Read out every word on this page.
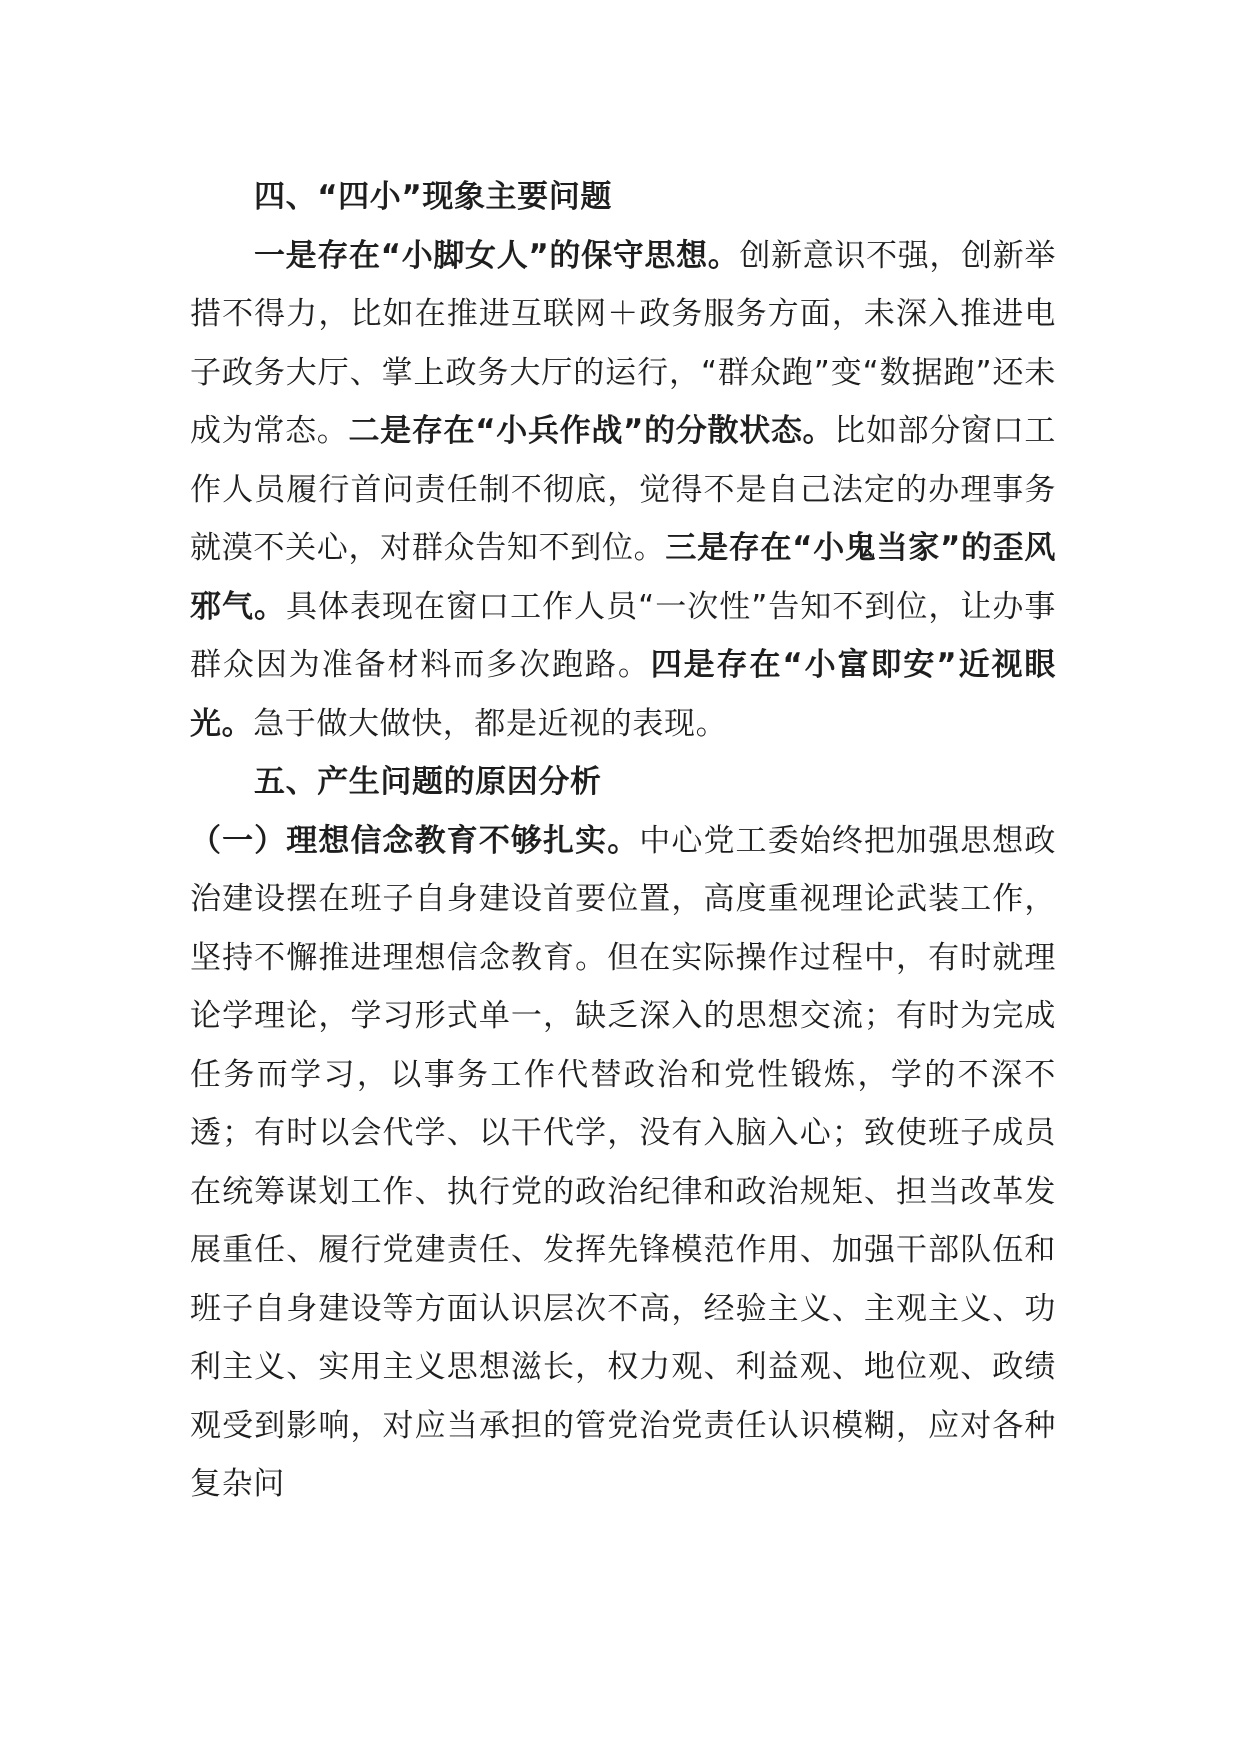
四、“四小”现象主要问题

一是存在“小脚女人”的保守思想。创新意识不强，创新举措不得力，比如在推进互联网＋政务服务方面，未深入推进电子政务大厅、掌上政务大厅的运行，“群众跑”变“数据跑”还未成为常态。二是存在“小兵作战”的分散状态。比如部分窗口工作人员履行首问责任制不彻底，觉得不是自己法定的办理事务就漠不关心，对群众告知不到位。三是存在“小鬼当家”的歪风邪气。具体表现在窗口工作人员“一次性”告知不到位，让办事群众因为准备材料而多次跑路。四是存在“小富即安”近视眼光。急于做大做快，都是近视的表现。

五、产生问题的原因分析

（一）理想信念教育不够扎实。中心党工委始终把加强思想政治建设摆在班子自身建设首要位置，高度重视理论武装工作，坚持不懈推进理想信念教育。但在实际操作过程中，有时就理论学理论，学习形式单一，缺乏深入的思想交流；有时为完成任务而学习，以事务工作代替政治和党性锻炼，学的不深不透；有时以会代学、以干代学，没有入脑入心；致使班子成员在统筹谋划工作、执行党的政治纪律和政治规矩、担当改革发展重任、履行党建责任、发挥先锋模范作用、加强干部队伍和班子自身建设等方面认识层次不高，经验主义、主观主义、功利主义、实用主义思想滋长，权力观、利益观、地位观、政绩观受到影响，对应当承担的管党治党责任认识模糊，应对各种复杂问
